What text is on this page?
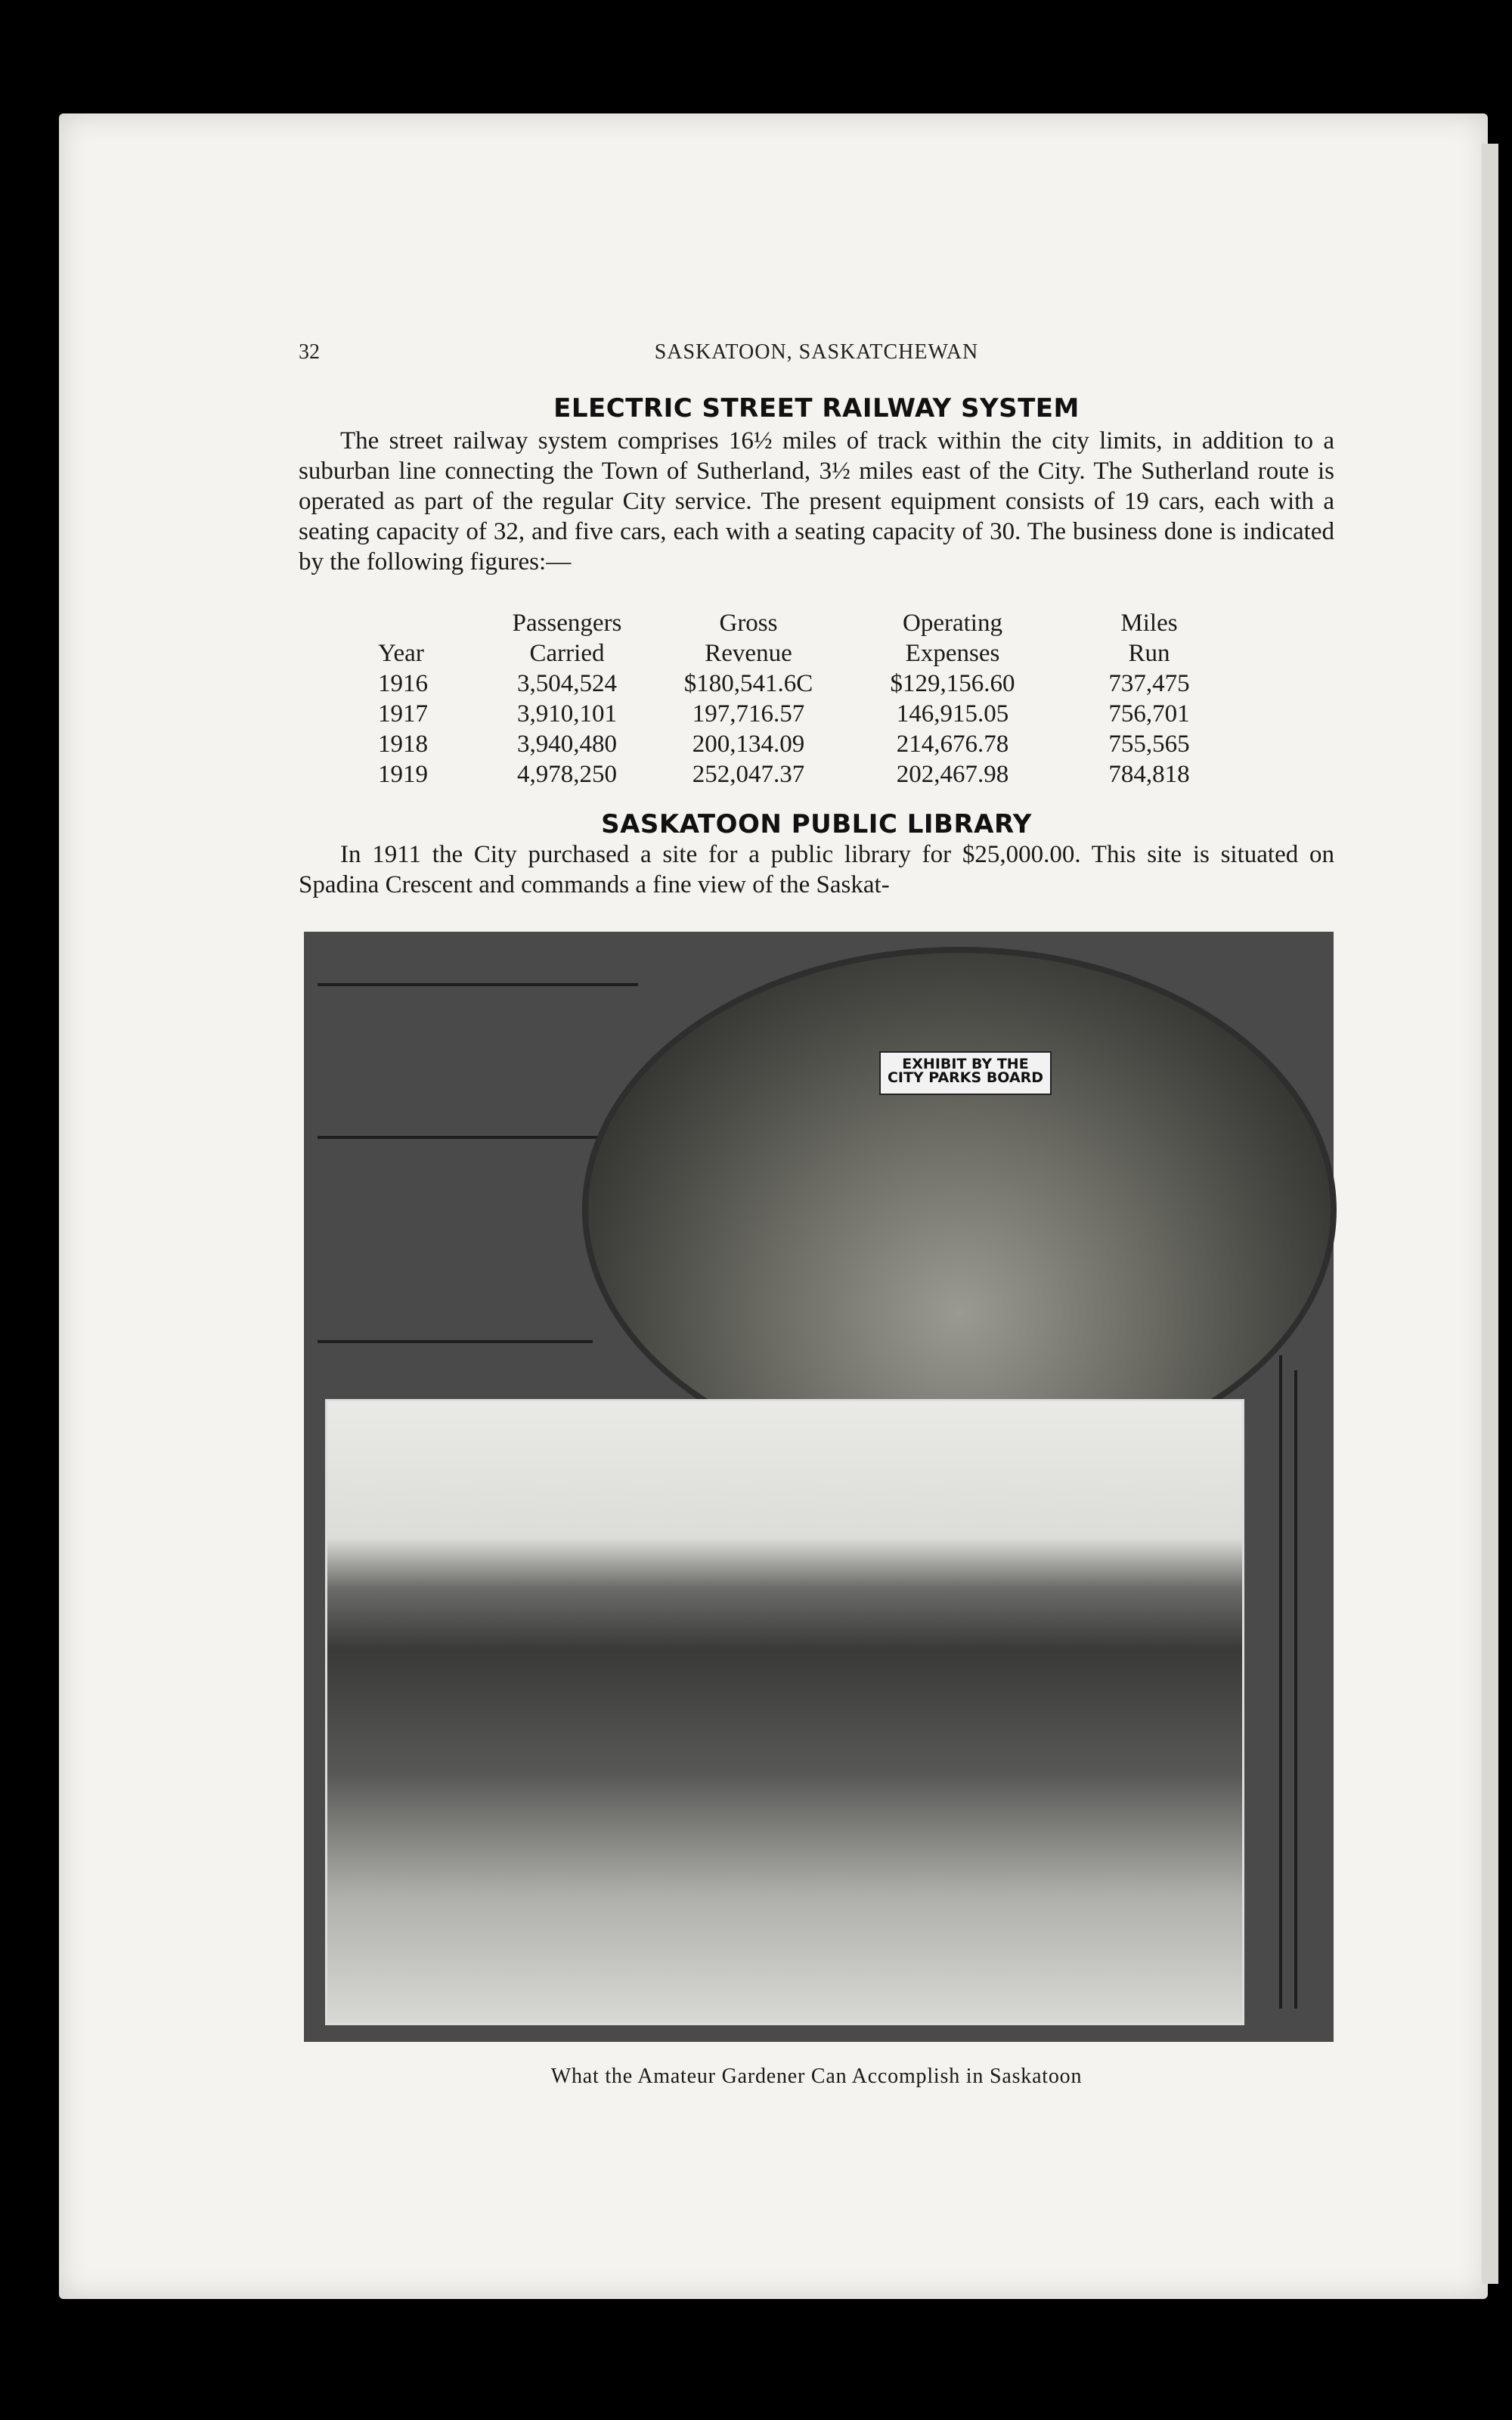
32	SASKATOON, SASKATCHEWAN
ELECTRIC STREET RAILWAY SYSTEM

The street railway system comprises 16½ miles of track within the city limits, in addition to a suburban line connecting the Town of Sutherland, 3½ miles east of the City. The Sutherland route is operated as part of the regular City service. The present equipment consists of 19 cars, each with a seating capacity of 32, and five cars, each with a seating capacity of 30. The business done is indicated by the following figures:—

	Passengers	Gross	Operating	Miles
Year	Carried	Revenue	Expenses	Run
1916	3,504,524	$180,541.6C	$129,156.60	737,475
1917	3,910,101	197,716.57	146,915.05	756,701
1918	3,940,480	200,134.09	214,676.78	755,565
1919	4,978,250	252,047.37	202,467.98	784,818
SASKATOON PUBLIC LIBRARY

In 1911 the City purchased a site for a public library for $25,000.00. This site is situated on Spadina Crescent and commands a fine view of the Saskat-

EXHIBIT BY THE
CITY PARKS BOARD
What the Amateur Gardener Can Accomplish in Saskatoon
